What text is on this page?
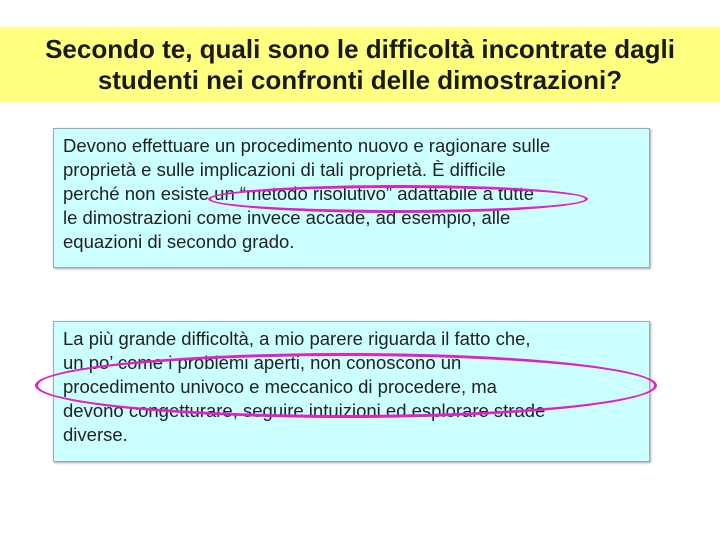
Secondo te, quali sono le difficoltà incontrate dagli
studenti nei confronti delle dimostrazioni?

Devono effettuare un procedimento nuovo e ragionare sulle

proprietà e sulle implicazioni di tali proprietà. È difficile

perché non esiste un “metodo risolutivo” adattabile a tutte

le dimostrazioni come invece accade, ad esempio, alle

equazioni di secondo grado.

La più grande difficoltà, a mio parere riguarda il fatto che,

un po’ come i problemi aperti, non conoscono un

procedimento univoco e meccanico di procedere, ma

devono congetturare, seguire intuizioni ed esplorare strade

diverse.
